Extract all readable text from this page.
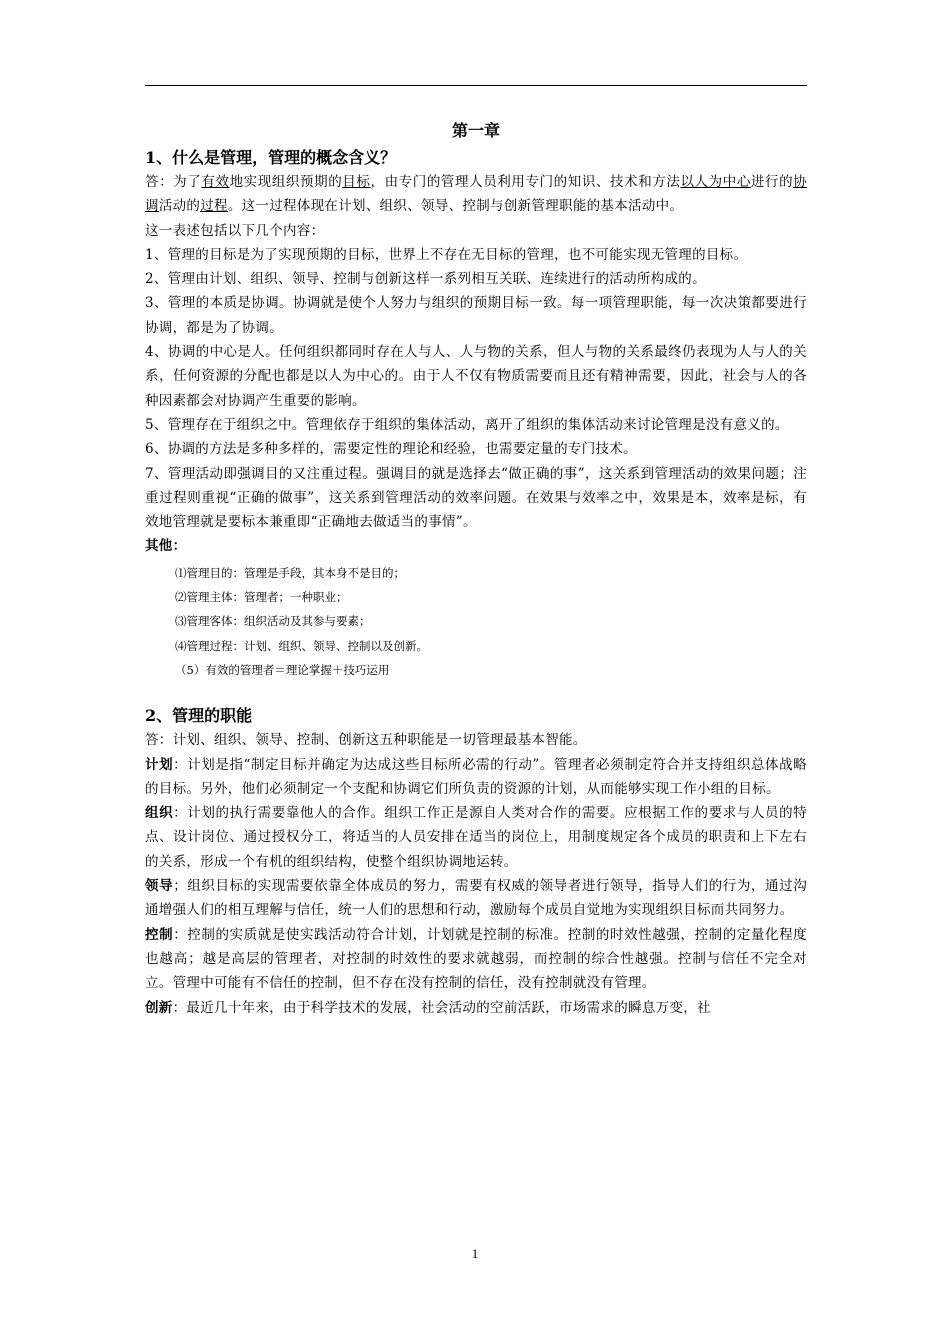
第一章
1、什么是管理，管理的概念含义？

答：为了有效地实现组织预期的目标，由专门的管理人员利用专门的知识、技术和方法以人为中心进行的协调活动的过程。这一过程体现在计划、组织、领导、控制与创新管理职能的基本活动中。

这一表述包括以下几个内容：

1、管理的目标是为了实现预期的目标，世界上不存在无目标的管理，也不可能实现无管理的目标。

2、管理由计划、组织、领导、控制与创新这样一系列相互关联、连续进行的活动所构成的。

3、管理的本质是协调。协调就是使个人努力与组织的预期目标一致。每一项管理职能，每一次决策都要进行协调，都是为了协调。

4、协调的中心是人。任何组织都同时存在人与人、人与物的关系，但人与物的关系最终仍表现为人与人的关系，任何资源的分配也都是以人为中心的。由于人不仅有物质需要而且还有精神需要，因此，社会与人的各种因素都会对协调产生重要的影响。

5、管理存在于组织之中。管理依存于组织的集体活动，离开了组织的集体活动来讨论管理是没有意义的。

6、协调的方法是多种多样的，需要定性的理论和经验，也需要定量的专门技术。

7、管理活动即强调目的又注重过程。强调目的就是选择去“做正确的事”，这关系到管理活动的效果问题；注重过程则重视“正确的做事”，这关系到管理活动的效率问题。在效果与效率之中，效果是本，效率是标，有效地管理就是要标本兼重即“正确地去做适当的事情”。

其他：

⑴管理目的：管理是手段，其本身不是目的；
⑵管理主体：管理者；一种职业；
⑶管理客体：组织活动及其参与要素；
⑷管理过程：计划、组织、领导、控制以及创新。
（5）有效的管理者＝理论掌握＋技巧运用
2、管理的职能

答：计划、组织、领导、控制、创新这五种职能是一切管理最基本智能。

计划：计划是指“制定目标并确定为达成这些目标所必需的行动”。管理者必须制定符合并支持组织总体战略的目标。另外，他们必须制定一个支配和协调它们所负责的资源的计划，从而能够实现工作小组的目标。

组织：计划的执行需要靠他人的合作。组织工作正是源自人类对合作的需要。应根据工作的要求与人员的特点、设计岗位、通过授权分工，将适当的人员安排在适当的岗位上，用制度规定各个成员的职责和上下左右的关系，形成一个有机的组织结构，使整个组织协调地运转。

领导；组织目标的实现需要依靠全体成员的努力，需要有权威的领导者进行领导，指导人们的行为，通过沟通增强人们的相互理解与信任，统一人们的思想和行动，激励每个成员自觉地为实现组织目标而共同努力。

控制：控制的实质就是使实践活动符合计划，计划就是控制的标准。控制的时效性越强，控制的定量化程度也越高；越是高层的管理者，对控制的时效性的要求就越弱，而控制的综合性越强。控制与信任不完全对立。管理中可能有不信任的控制，但不存在没有控制的信任，没有控制就没有管理。

创新：最近几十年来，由于科学技术的发展，社会活动的空前活跃，市场需求的瞬息万变，社

1
